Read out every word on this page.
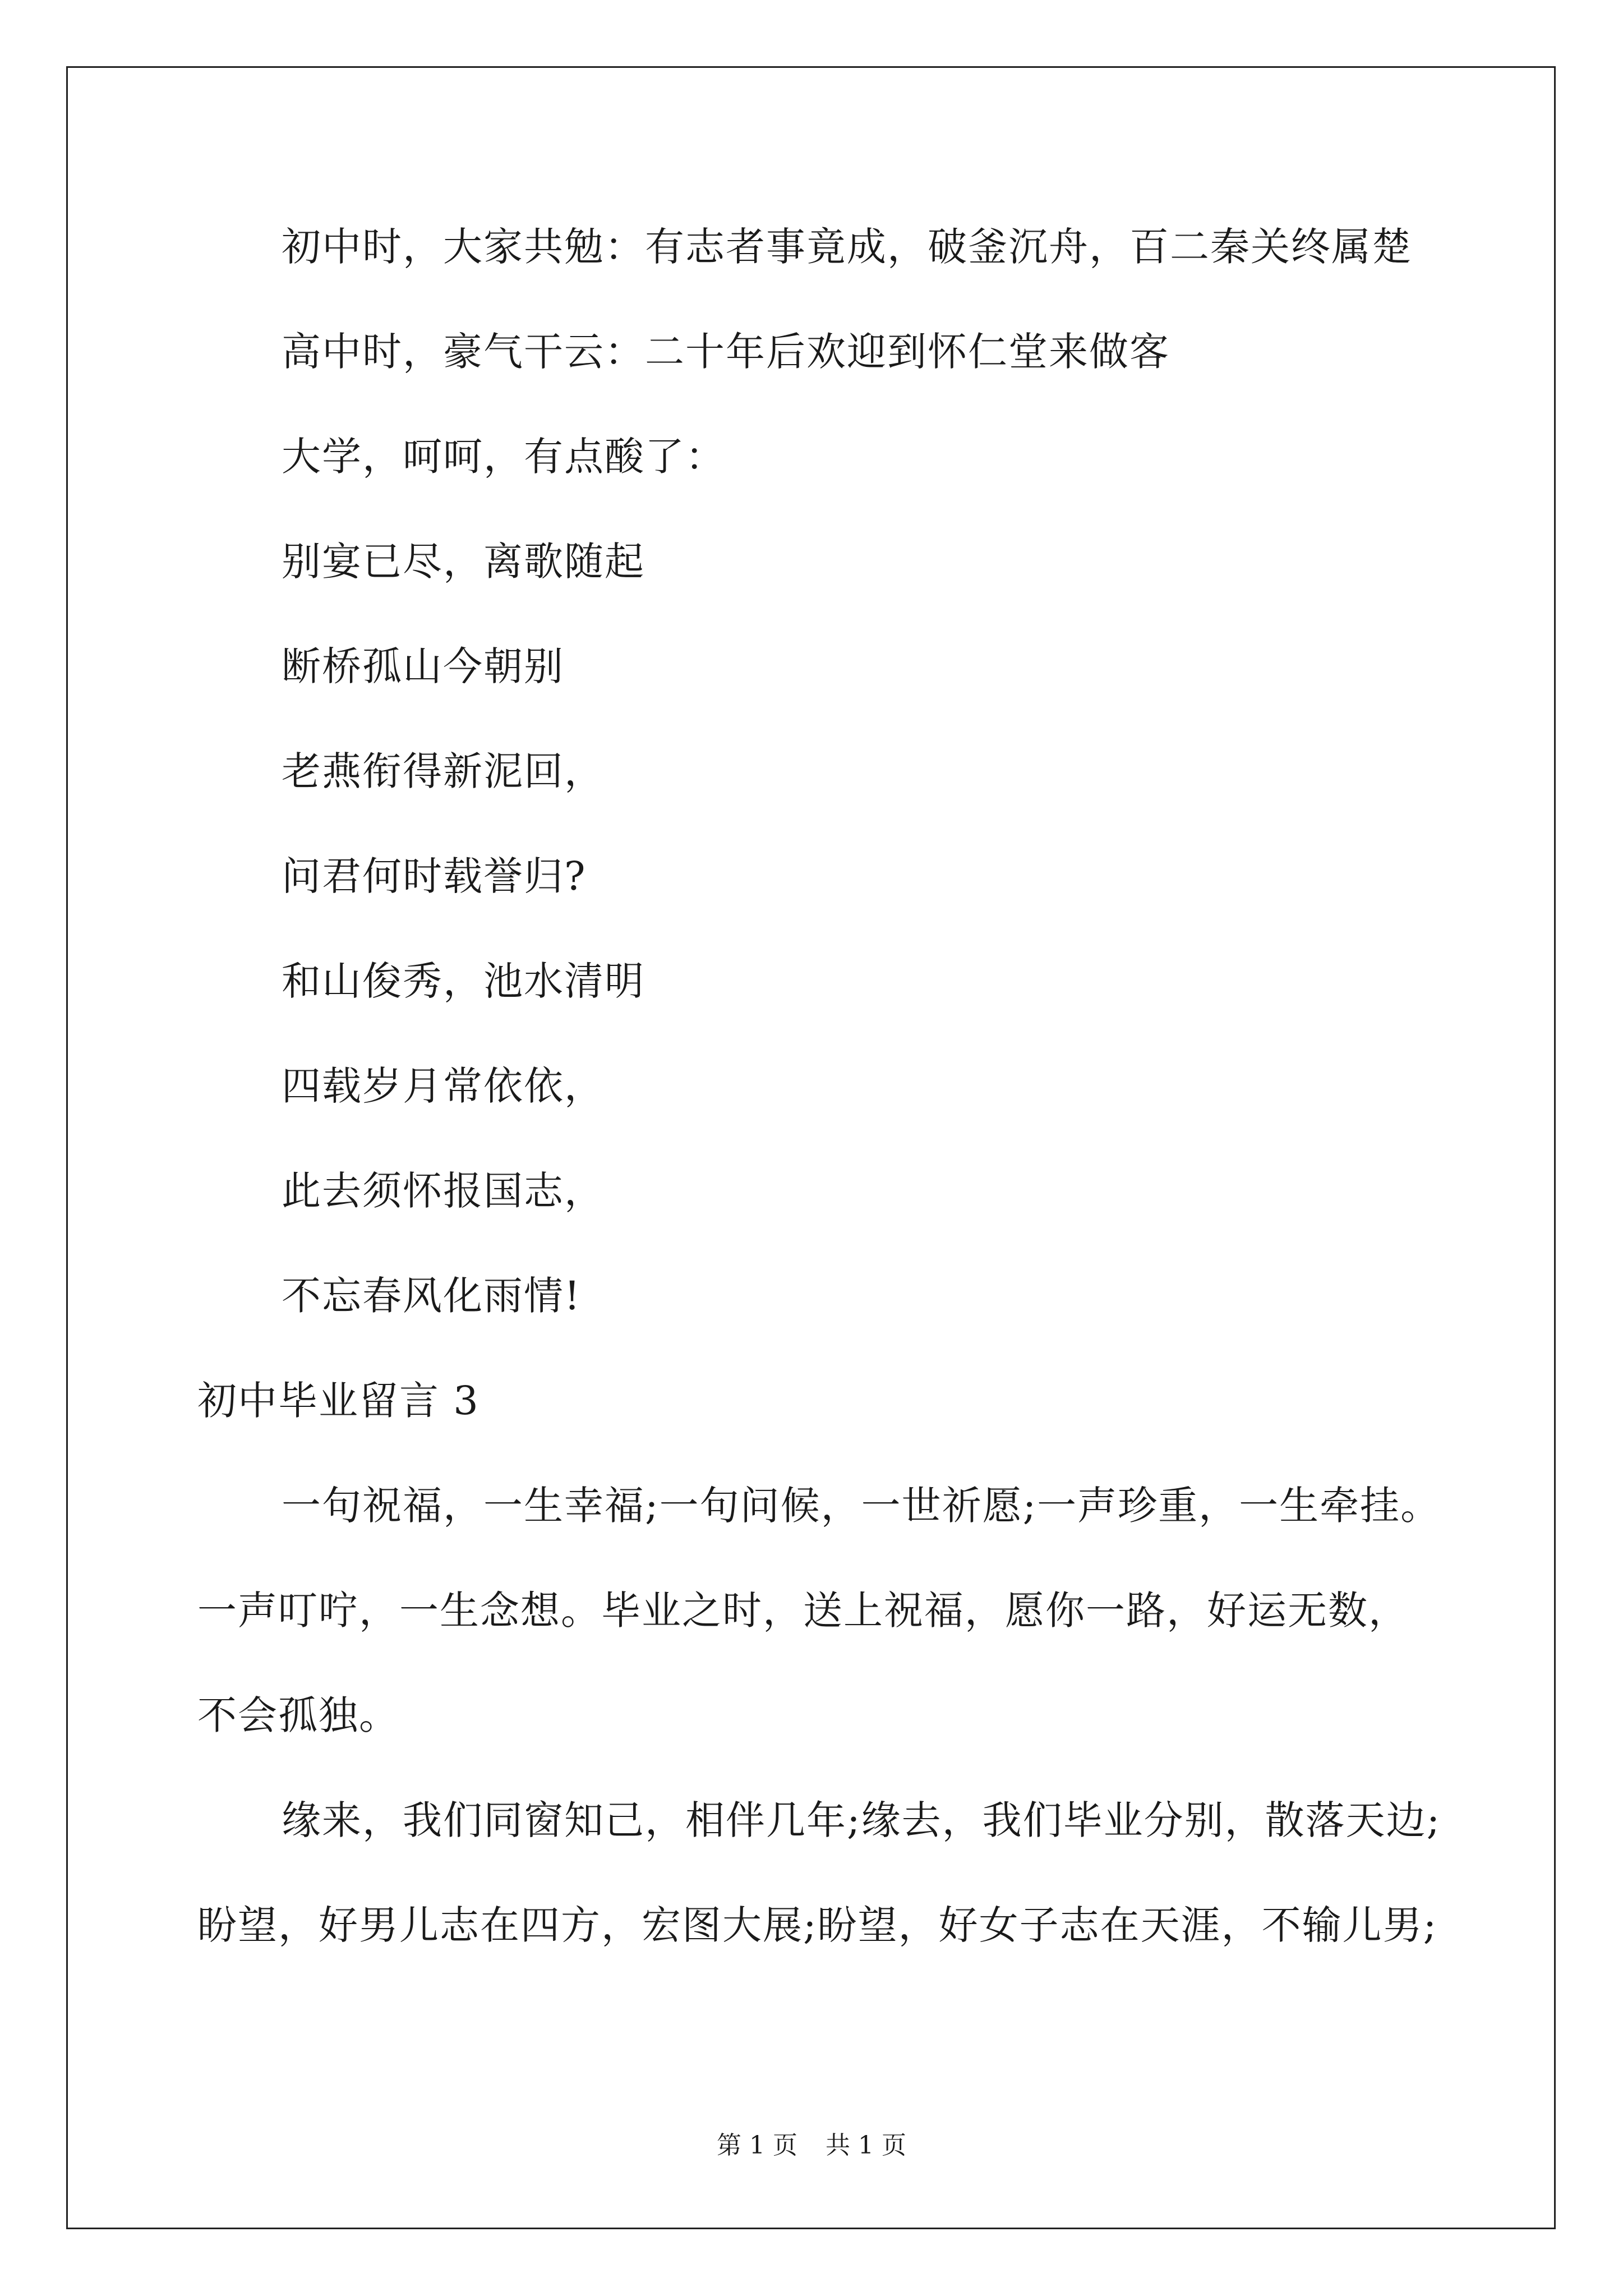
初中时，大家共勉：有志者事竟成，破釜沉舟，百二秦关终属楚
高中时，豪气干云：二十年后欢迎到怀仁堂来做客
大学，呵呵，有点酸了：
别宴已尽，离歌随起
断桥孤山今朝别
老燕衔得新泥回，
问君何时载誉归?
和山俊秀，池水清明
四载岁月常依依，
此去须怀报国志，
不忘春风化雨情!
初中毕业留言 3
一句祝福，一生幸福;一句问候，一世祈愿;一声珍重，一生牵挂。
一声叮咛，一生念想。毕业之时，送上祝福，愿你一路，好运无数，
不会孤独。
缘来，我们同窗知己，相伴几年;缘去，我们毕业分别，散落天边;
盼望，好男儿志在四方，宏图大展;盼望，好女子志在天涯，不输儿男;
第 1 页 共 1 页
